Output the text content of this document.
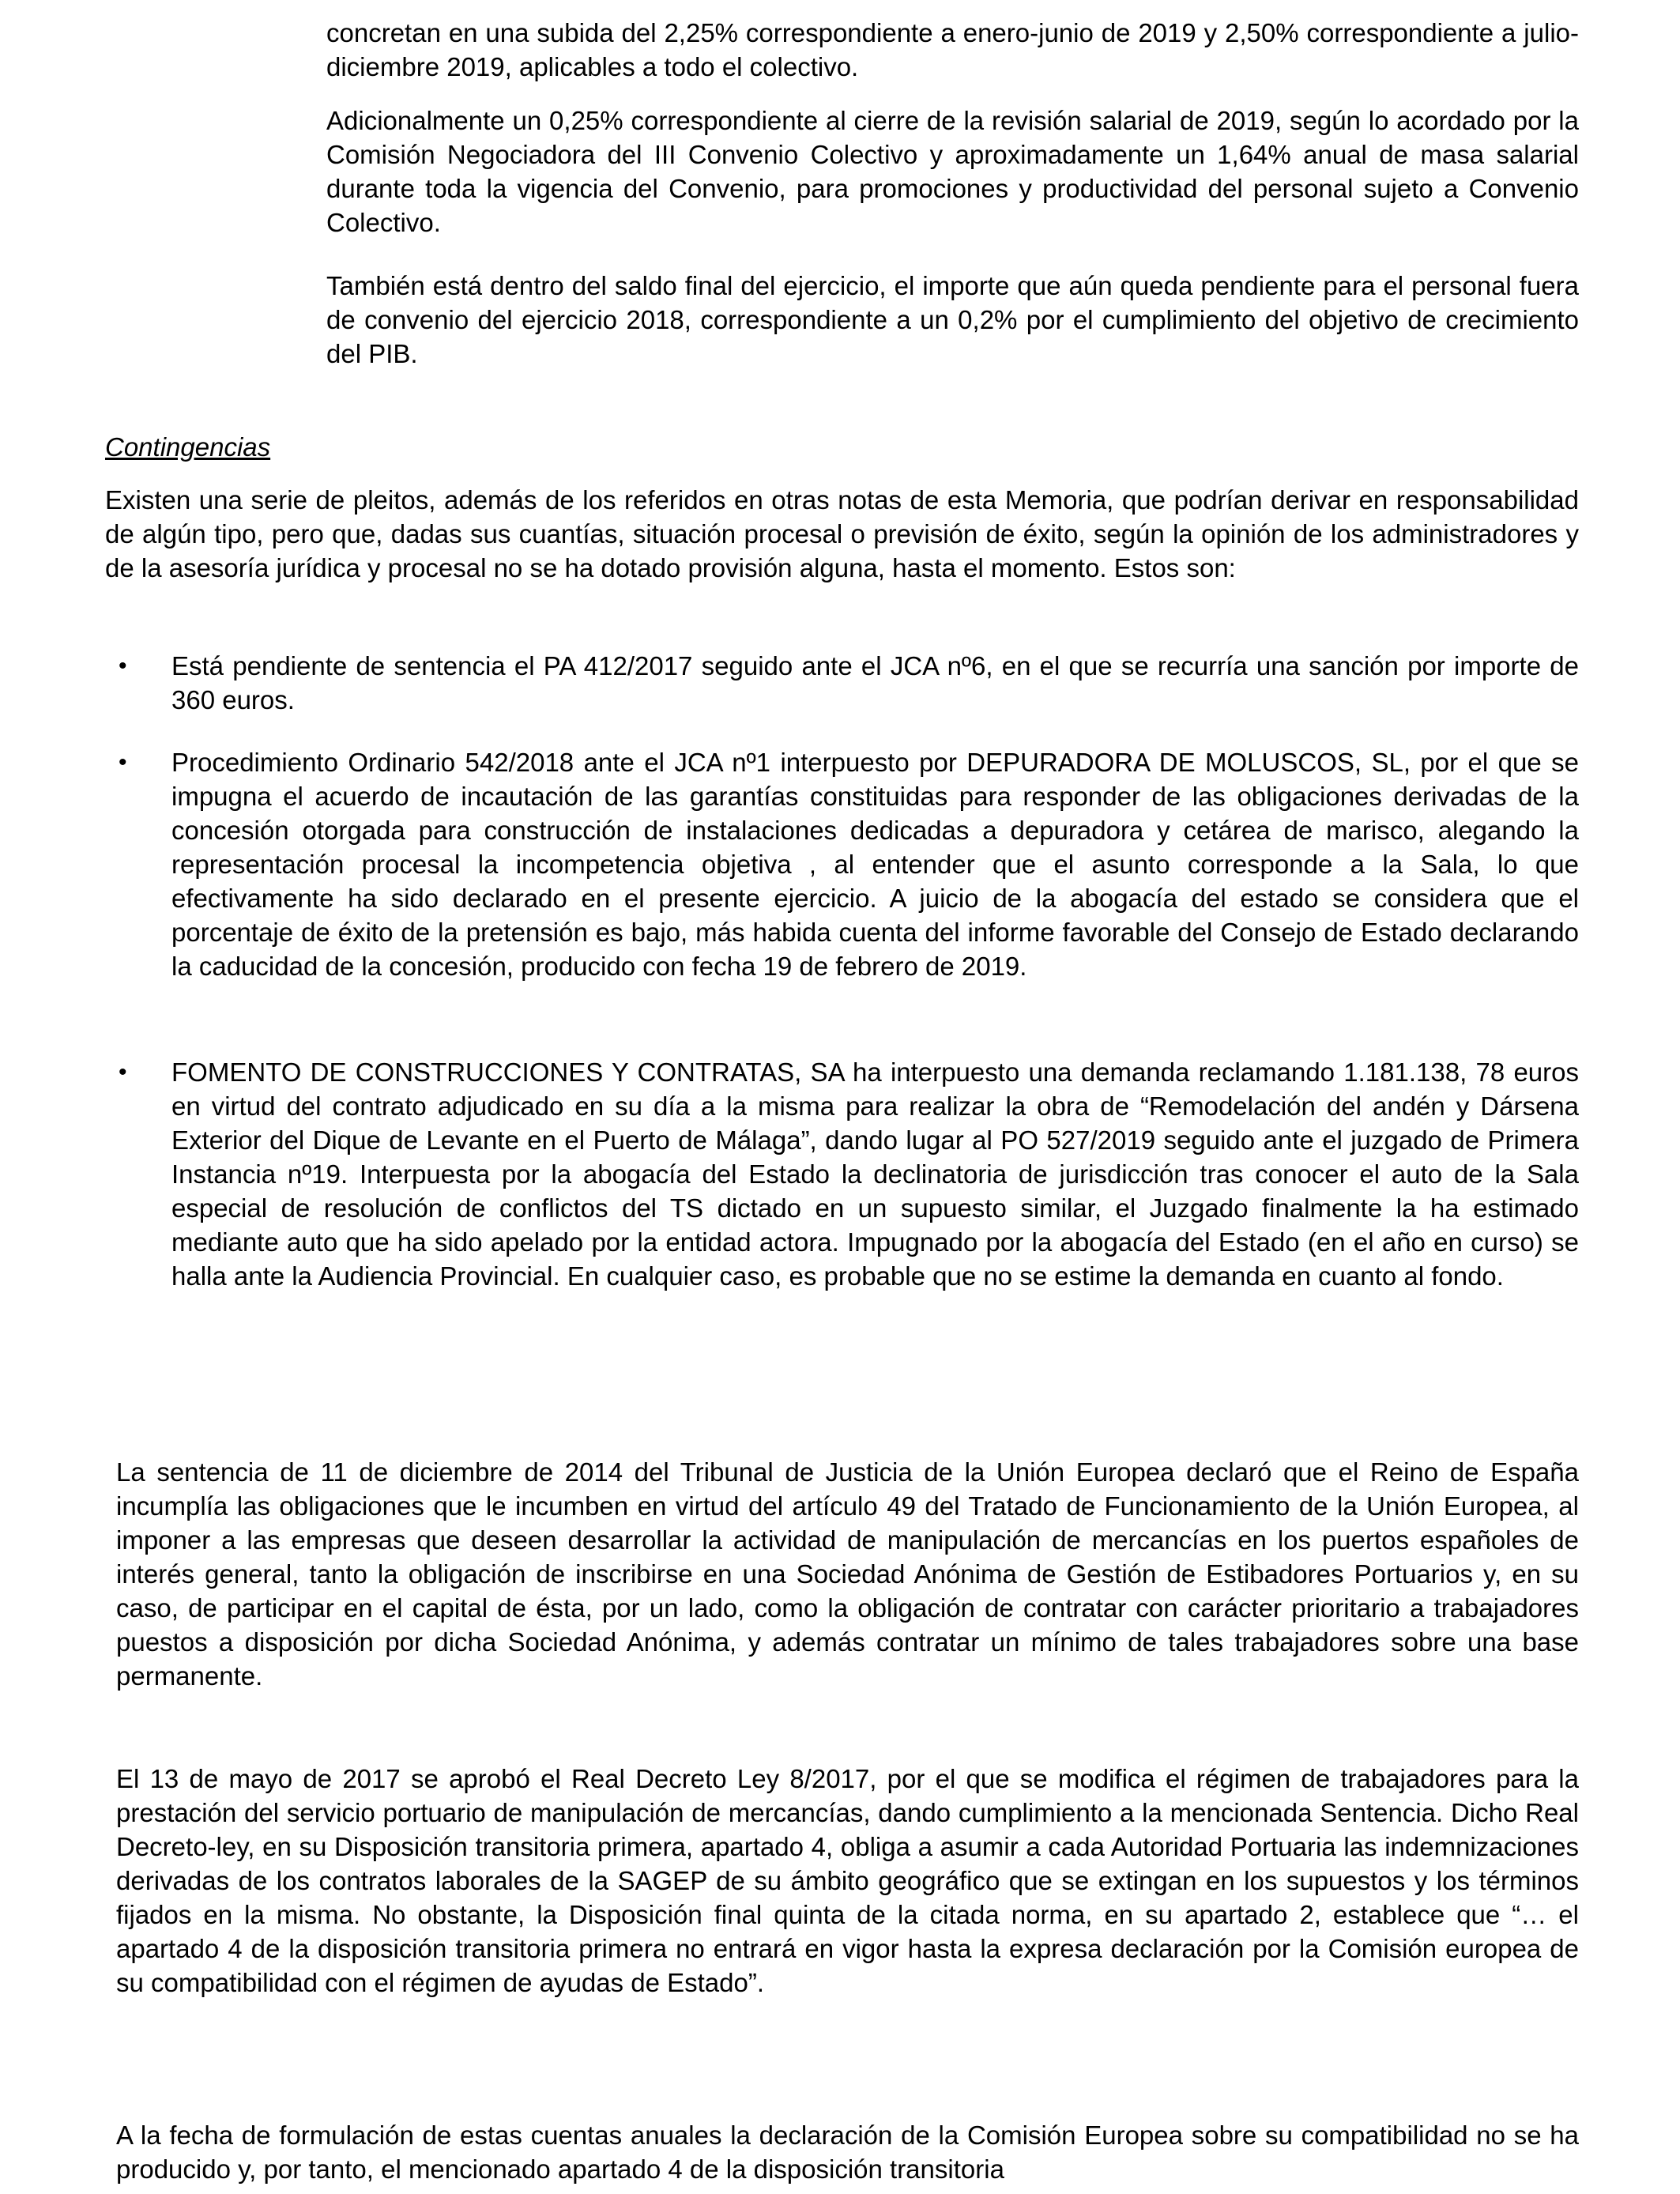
concretan en una subida del 2,25% correspondiente a enero-junio de 2019 y 2,50% correspondiente a julio-diciembre 2019, aplicables a todo el colectivo.

Adicionalmente un 0,25% correspondiente al cierre de la revisión salarial de 2019, según lo acordado por la Comisión Negociadora del III Convenio Colectivo y aproximadamente un 1,64% anual de masa salarial durante toda la vigencia del Convenio, para promociones y productividad del personal sujeto a Convenio Colectivo.

También está dentro del saldo final del ejercicio, el importe que aún queda pendiente para el personal fuera de convenio del ejercicio 2018, correspondiente a un 0,2% por el cumplimiento del objetivo de crecimiento del PIB.

Contingencias

Existen una serie de pleitos, además de los referidos en otras notas de esta Memoria, que podrían derivar en responsabilidad de algún tipo, pero que, dadas sus cuantías, situación procesal o previsión de éxito, según la opinión de los administradores y de la asesoría jurídica y procesal no se ha dotado provisión alguna, hasta el momento. Estos son:

•	Está pendiente de sentencia el PA 412/2017 seguido ante el JCA nº6, en el que se recurría una sanción por importe de 360 euros.

•	Procedimiento Ordinario 542/2018 ante el JCA nº1 interpuesto por DEPURADORA DE MOLUSCOS, SL, por el que se impugna el acuerdo de incautación de las garantías constituidas para responder de las obligaciones derivadas de la concesión otorgada para construcción de instalaciones dedicadas a depuradora y cetárea de marisco, alegando la representación procesal la incompetencia objetiva , al entender que el asunto corresponde a la Sala, lo que efectivamente ha sido declarado en el presente ejercicio. A juicio de la abogacía del estado se considera que el porcentaje de éxito de la pretensión es bajo, más habida cuenta del informe favorable del Consejo de Estado declarando la caducidad de la concesión, producido con fecha 19 de febrero de 2019.

•	FOMENTO DE CONSTRUCCIONES Y CONTRATAS, SA ha interpuesto una demanda reclamando 1.181.138, 78 euros en virtud del contrato adjudicado en su día a la misma para realizar la obra de “Remodelación del andén y Dársena Exterior del Dique de Levante en el Puerto de Málaga”, dando lugar al PO 527/2019 seguido ante el juzgado de Primera Instancia nº19. Interpuesta por la abogacía del Estado la declinatoria de jurisdicción tras conocer el auto de la Sala especial de resolución de conflictos del TS dictado en un supuesto similar, el Juzgado finalmente la ha estimado mediante auto que ha sido apelado por la entidad actora. Impugnado por la abogacía del Estado (en el año en curso) se halla ante la Audiencia Provincial. En cualquier caso, es probable que no se estime la demanda en cuanto al fondo.

La sentencia de 11 de diciembre de 2014 del Tribunal de Justicia de la Unión Europea declaró que el Reino de España incumplía las obligaciones que le incumben en virtud del artículo 49 del Tratado de Funcionamiento de la Unión Europea, al imponer a las empresas que deseen desarrollar la actividad de manipulación de mercancías en los puertos españoles de interés general, tanto la obligación de inscribirse en una Sociedad Anónima de Gestión de Estibadores Portuarios y, en su caso, de participar en el capital de ésta, por un lado, como la obligación de contratar con carácter prioritario a trabajadores puestos a disposición por dicha Sociedad Anónima, y además contratar un mínimo de tales trabajadores sobre una base permanente.

El 13 de mayo de 2017 se aprobó el Real Decreto Ley 8/2017, por el que se modifica el régimen de trabajadores para la prestación del servicio portuario de manipulación de mercancías, dando cumplimiento a la mencionada Sentencia. Dicho Real Decreto-ley, en su Disposición transitoria primera, apartado 4, obliga a asumir a cada Autoridad Portuaria las indemnizaciones derivadas de los contratos laborales de la SAGEP de su ámbito geográfico que se extingan en los supuestos y los términos fijados en la misma. No obstante, la Disposición final quinta de la citada norma, en su apartado 2, establece que “… el apartado 4 de la disposición transitoria primera no entrará en vigor hasta la expresa declaración por la Comisión europea de su compatibilidad con el régimen de ayudas de Estado”.

A la fecha de formulación de estas cuentas anuales la declaración de la Comisión Europea sobre su compatibilidad no se ha producido y, por tanto, el mencionado apartado 4 de la disposición transitoria
